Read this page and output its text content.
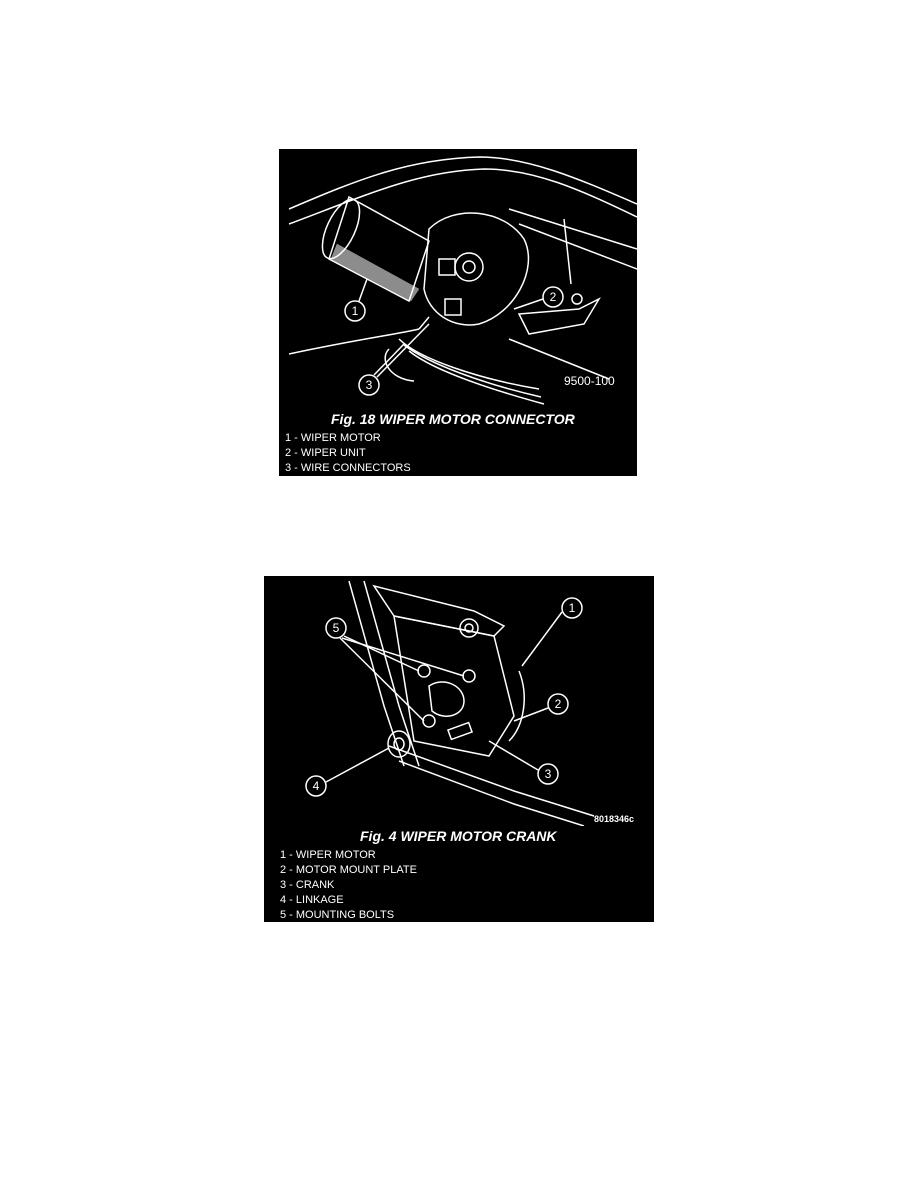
1
2
3	9500-100
Fig. 18 WIPER MOTOR CONNECTOR
1 - WIPER MOTOR
2 - WIPER UNIT
3 - WIRE CONNECTORS
1
2
3
4
5
8018346c
Fig. 4 WIPER MOTOR CRANK
1 - WIPER MOTOR
2 - MOTOR MOUNT PLATE
3 - CRANK
4 - LINKAGE
5 - MOUNTING BOLTS
